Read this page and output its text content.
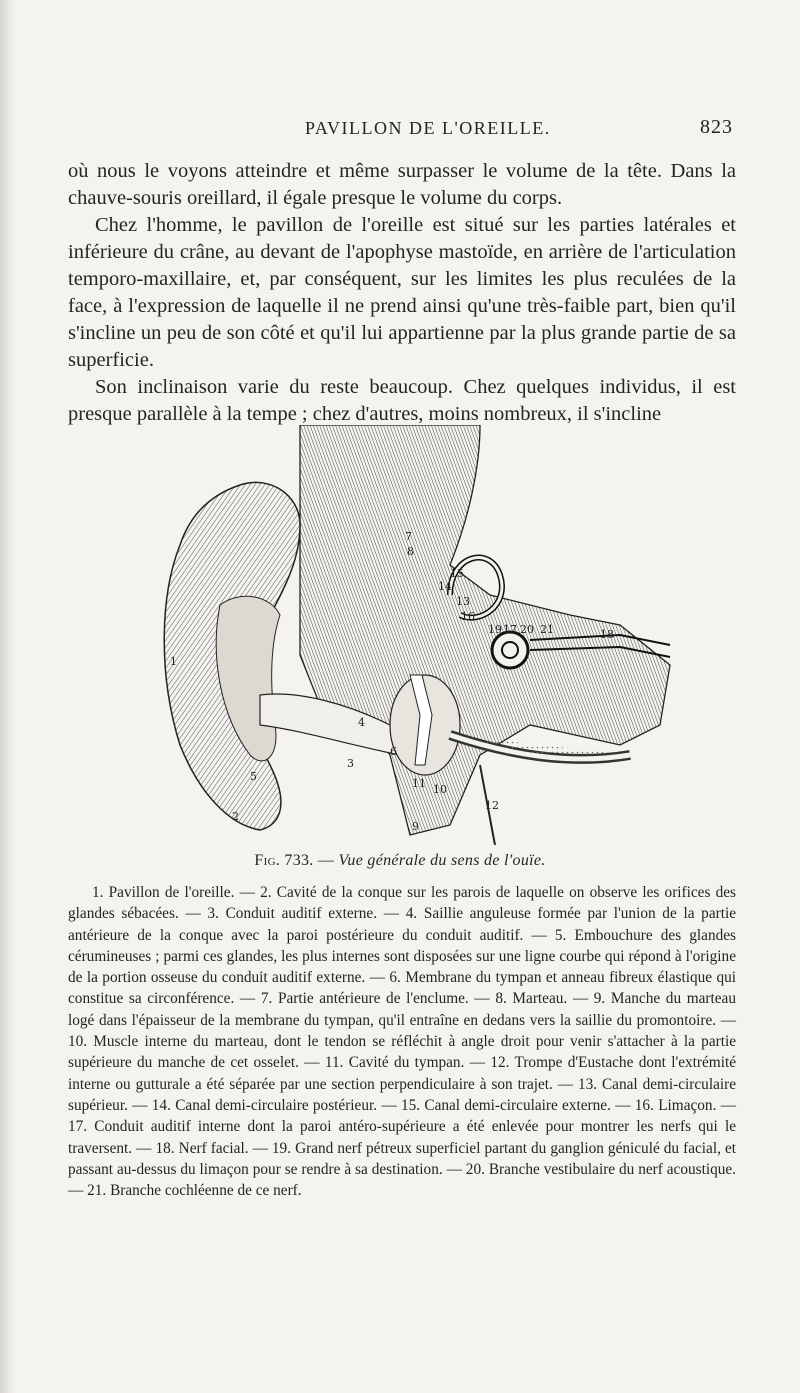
PAVILLON DE L'OREILLE.	823

où nous le voyons atteindre et même surpasser le volume de la tête. Dans la chauve-souris oreillard, il égale presque le volume du corps.

Chez l'homme, le pavillon de l'oreille est situé sur les parties latérales et inférieure du crâne, au devant de l'apophyse mastoïde, en arrière de l'articulation temporo-maxillaire, et, par conséquent, sur les limites les plus reculées de la face, à l'expression de laquelle il ne prend ainsi qu'une très-faible part, bien qu'il s'incline un peu de son côté et qu'il lui appartienne par la plus grande partie de sa superficie.

Son inclinaison varie du reste beaucoup. Chez quelques individus, il est presque parallèle à la tempe ; chez d'autres, moins nombreux, il s'incline

1
2
3
4
5
6
7
8
9
10
11
12
13
14
15
16
17	18
19 20 21
Fig. 733. — Vue générale du sens de l'ouïe.

1. Pavillon de l'oreille. — 2. Cavité de la conque sur les parois de laquelle on observe les orifices des glandes sébacées. — 3. Conduit auditif externe. — 4. Saillie anguleuse formée par l'union de la partie antérieure de la conque avec la paroi postérieure du conduit auditif. — 5. Embouchure des glandes cérumineuses ; parmi ces glandes, les plus internes sont disposées sur une ligne courbe qui répond à l'origine de la portion osseuse du conduit auditif externe. — 6. Membrane du tympan et anneau fibreux élastique qui constitue sa circonférence. — 7. Partie antérieure de l'enclume. — 8. Marteau. — 9. Manche du marteau logé dans l'épaisseur de la membrane du tympan, qu'il entraîne en dedans vers la saillie du promontoire. — 10. Muscle interne du marteau, dont le tendon se réfléchit à angle droit pour venir s'attacher à la partie supérieure du manche de cet osselet. — 11. Cavité du tympan. — 12. Trompe d'Eustache dont l'extrémité interne ou gutturale a été séparée par une section perpendiculaire à son trajet. — 13. Canal demi-circulaire supérieur. — 14. Canal demi-circulaire postérieur. — 15. Canal demi-circulaire externe. — 16. Limaçon. — 17. Conduit auditif interne dont la paroi antéro-supérieure a été enlevée pour montrer les nerfs qui le traversent. — 18. Nerf facial. — 19. Grand nerf pétreux superficiel partant du ganglion géniculé du facial, et passant au-dessus du limaçon pour se rendre à sa destination. — 20. Branche vestibulaire du nerf acoustique. — 21. Branche cochléenne de ce nerf.
